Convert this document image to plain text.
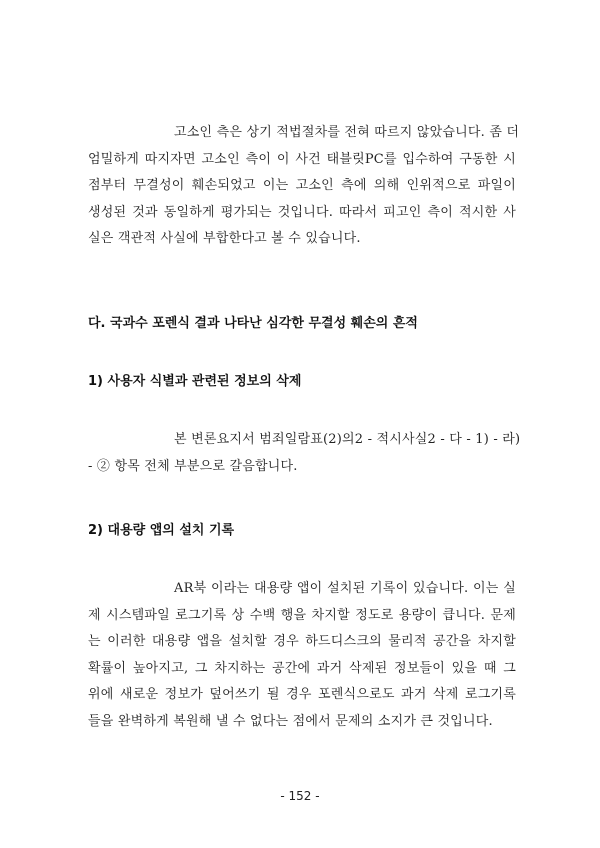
고소인 측은 상기 적법절차를 전혀 따르지 않았습니다. 좀 더
엄밀하게 따지자면 고소인 측이 이 사건 태블릿PC를 입수하여 구동한 시
점부터 무결성이 훼손되었고 이는 고소인 측에 의해 인위적으로 파일이
생성된 것과 동일하게 평가되는 것입니다. 따라서 피고인 측이 적시한 사
실은 객관적 사실에 부합한다고 볼 수 있습니다.
다. 국과수 포렌식 결과 나타난 심각한 무결성 훼손의 흔적
1) 사용자 식별과 관련된 정보의 삭제
본 변론요지서 범죄일람표(2)의2 - 적시사실2 - 다 - 1) - 라)
- ② 항목 전체 부분으로 갈음합니다.
2) 대용량 앱의 설치 기록
AR북 이라는 대용량 앱이 설치된 기록이 있습니다. 이는 실
제 시스템파일 로그기록 상 수백 행을 차지할 정도로 용량이 큽니다. 문제
는 이러한 대용량 앱을 설치할 경우 하드디스크의 물리적 공간을 차지할
확률이 높아지고, 그 차지하는 공간에 과거 삭제된 정보들이 있을 때 그
위에 새로운 정보가 덮어쓰기 될 경우 포렌식으로도 과거 삭제 로그기록
들을 완벽하게 복원해 낼 수 없다는 점에서 문제의 소지가 큰 것입니다.
- 152 -
